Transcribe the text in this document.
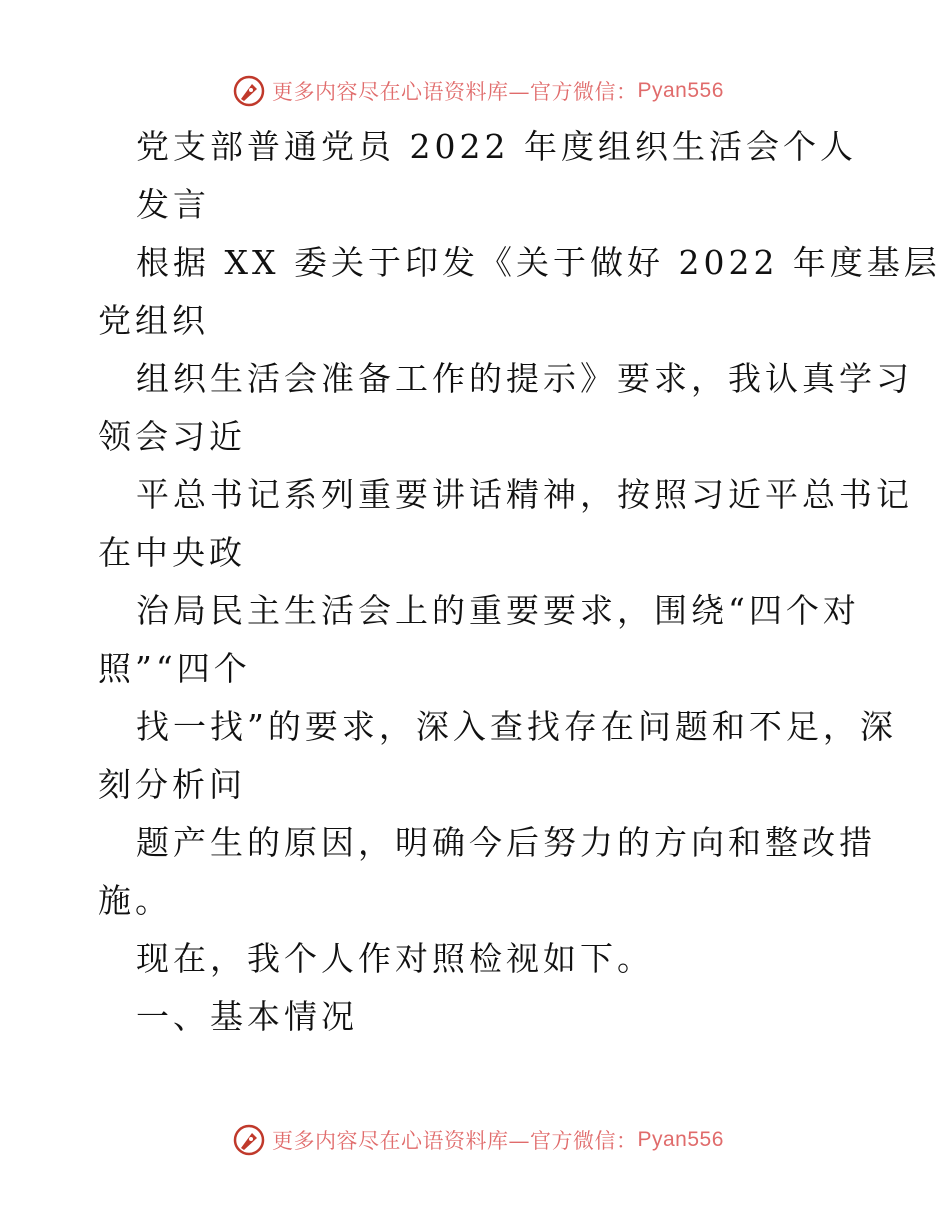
更多内容尽在心语资料库—官方微信： Pyan556
党支部普通党员 2022 年度组织生活会个人
发言
根据 XX 委关于印发《关于做好 2022 年度基层
党组织
组织生活会准备工作的提示》要求，我认真学习
领会习近
平总书记系列重要讲话精神，按照习近平总书记
在中央政
治局民主生活会上的重要要求，围绕“四个对
照”“四个
找一找”的要求，深入查找存在问题和不足，深
刻分析问
题产生的原因，明确今后努力的方向和整改措
施。
现在，我个人作对照检视如下。
一、基本情况
更多内容尽在心语资料库—官方微信： Pyan556
